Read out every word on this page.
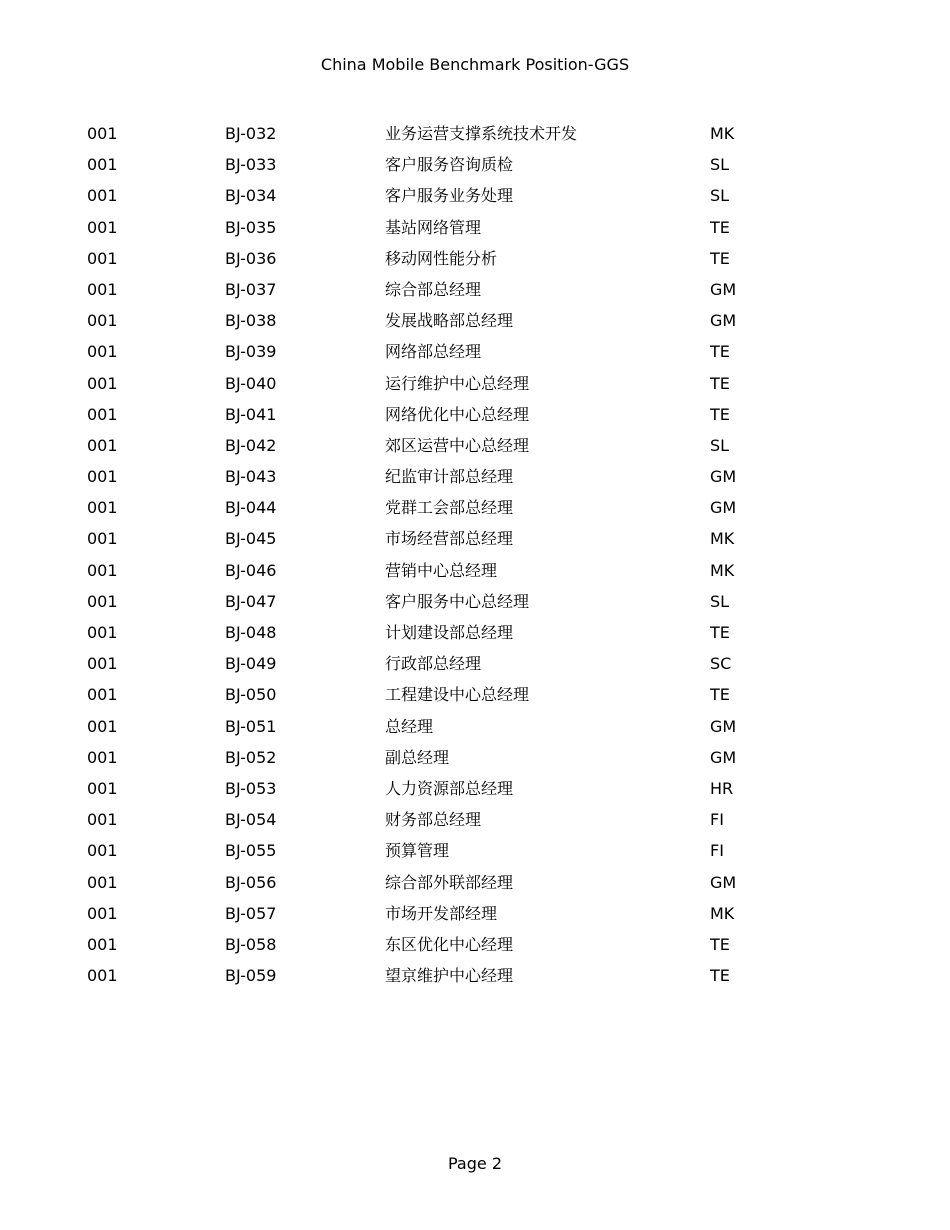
China Mobile Benchmark Position-GGS
001	BJ-032	业务运营支撑系统技术开发	MK
001	BJ-033	客户服务咨询质检	SL
001	BJ-034	客户服务业务处理	SL
001	BJ-035	基站网络管理	TE
001	BJ-036	移动网性能分析	TE
001	BJ-037	综合部总经理	GM
001	BJ-038	发展战略部总经理	GM
001	BJ-039	网络部总经理	TE
001	BJ-040	运行维护中心总经理	TE
001	BJ-041	网络优化中心总经理	TE
001	BJ-042	郊区运营中心总经理	SL
001	BJ-043	纪监审计部总经理	GM
001	BJ-044	党群工会部总经理	GM
001	BJ-045	市场经营部总经理	MK
001	BJ-046	营销中心总经理	MK
001	BJ-047	客户服务中心总经理	SL
001	BJ-048	计划建设部总经理	TE
001	BJ-049	行政部总经理	SC
001	BJ-050	工程建设中心总经理	TE
001	BJ-051	总经理	GM
001	BJ-052	副总经理	GM
001	BJ-053	人力资源部总经理	HR
001	BJ-054	财务部总经理	FI
001	BJ-055	预算管理	FI
001	BJ-056	综合部外联部经理	GM
001	BJ-057	市场开发部经理	MK
001	BJ-058	东区优化中心经理	TE
001	BJ-059	望京维护中心经理	TE
Page 2
